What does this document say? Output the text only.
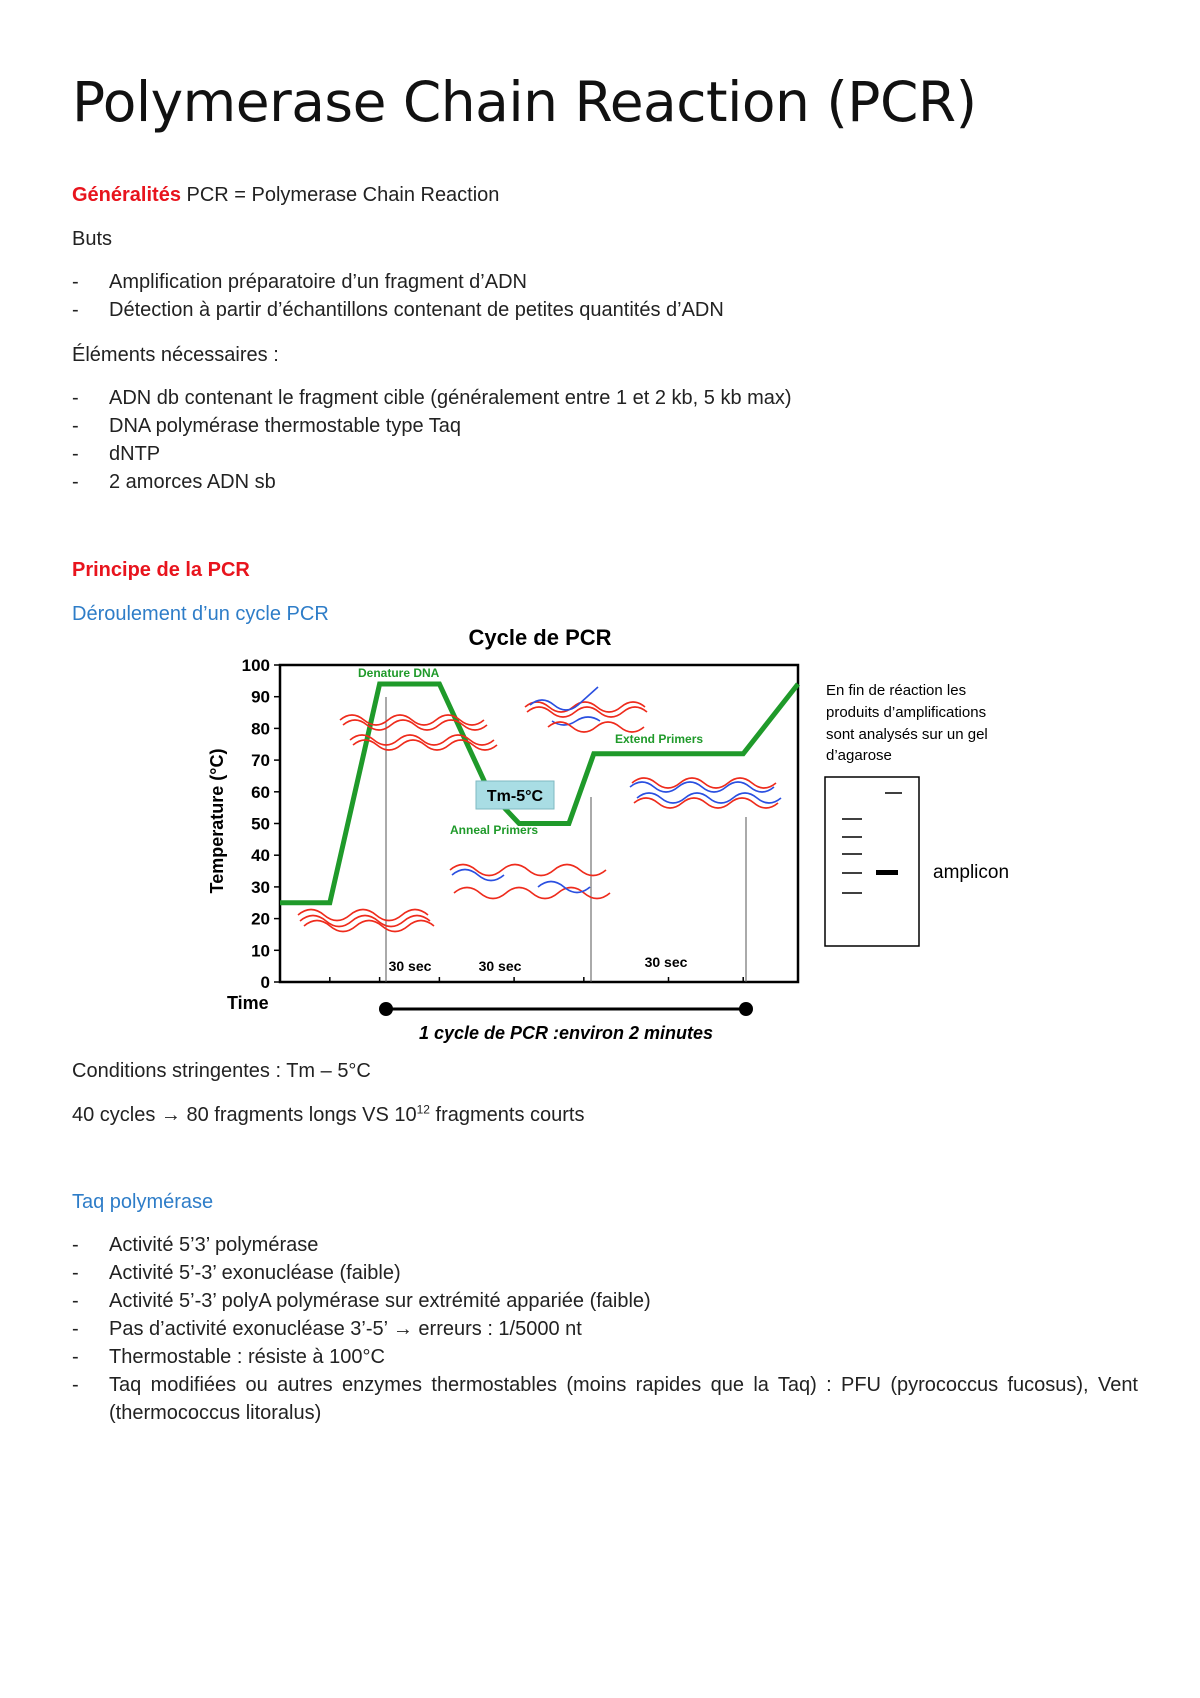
Polymerase Chain Reaction (PCR)

Généralités PCR = Polymerase Chain Reaction

Buts

- Amplification préparatoire d’un fragment d’ADN
- Détection à partir d’échantillons contenant de petites quantités d’ADN

Éléments nécessaires :

- ADN db contenant le fragment cible (généralement entre 1 et 2 kb, 5 kb max)
- DNA polymérase thermostable type Taq
- dNTP
- 2 amorces ADN sb

Principe de la PCR

Déroulement d’un cycle PCR

Cycle de PCR
Temperature (°C)
100
90
80
70
60
50
40
30
20
10
0
Time
Tm-5°C
Denature DNA
Anneal Primers
Extend Primers
30 sec	30 sec	30 sec
1 cycle de PCR :environ 2 minutes
En fin de réaction les
produits d’amplifications
sont analysés sur un gel
d’agarose
amplicon

Conditions stringentes : Tm – 5°C

40 cycles → 80 fragments longs VS $10^{12}$ fragments courts

Taq polymérase

- Activité 5’3’ polymérase
- Activité 5’-3’ exonucléase (faible)
- Activité 5’-3’ polyA polymérase sur extrémité appariée (faible)
- Pas d’activité exonucléase 3’-5’ → erreurs : 1/5000 nt
- Thermostable : résiste à 100°C
- Taq modifiées ou autres enzymes thermostables (moins rapides que la Taq) : PFU (pyrococcus fucosus), Vent (thermococcus litoralus)
